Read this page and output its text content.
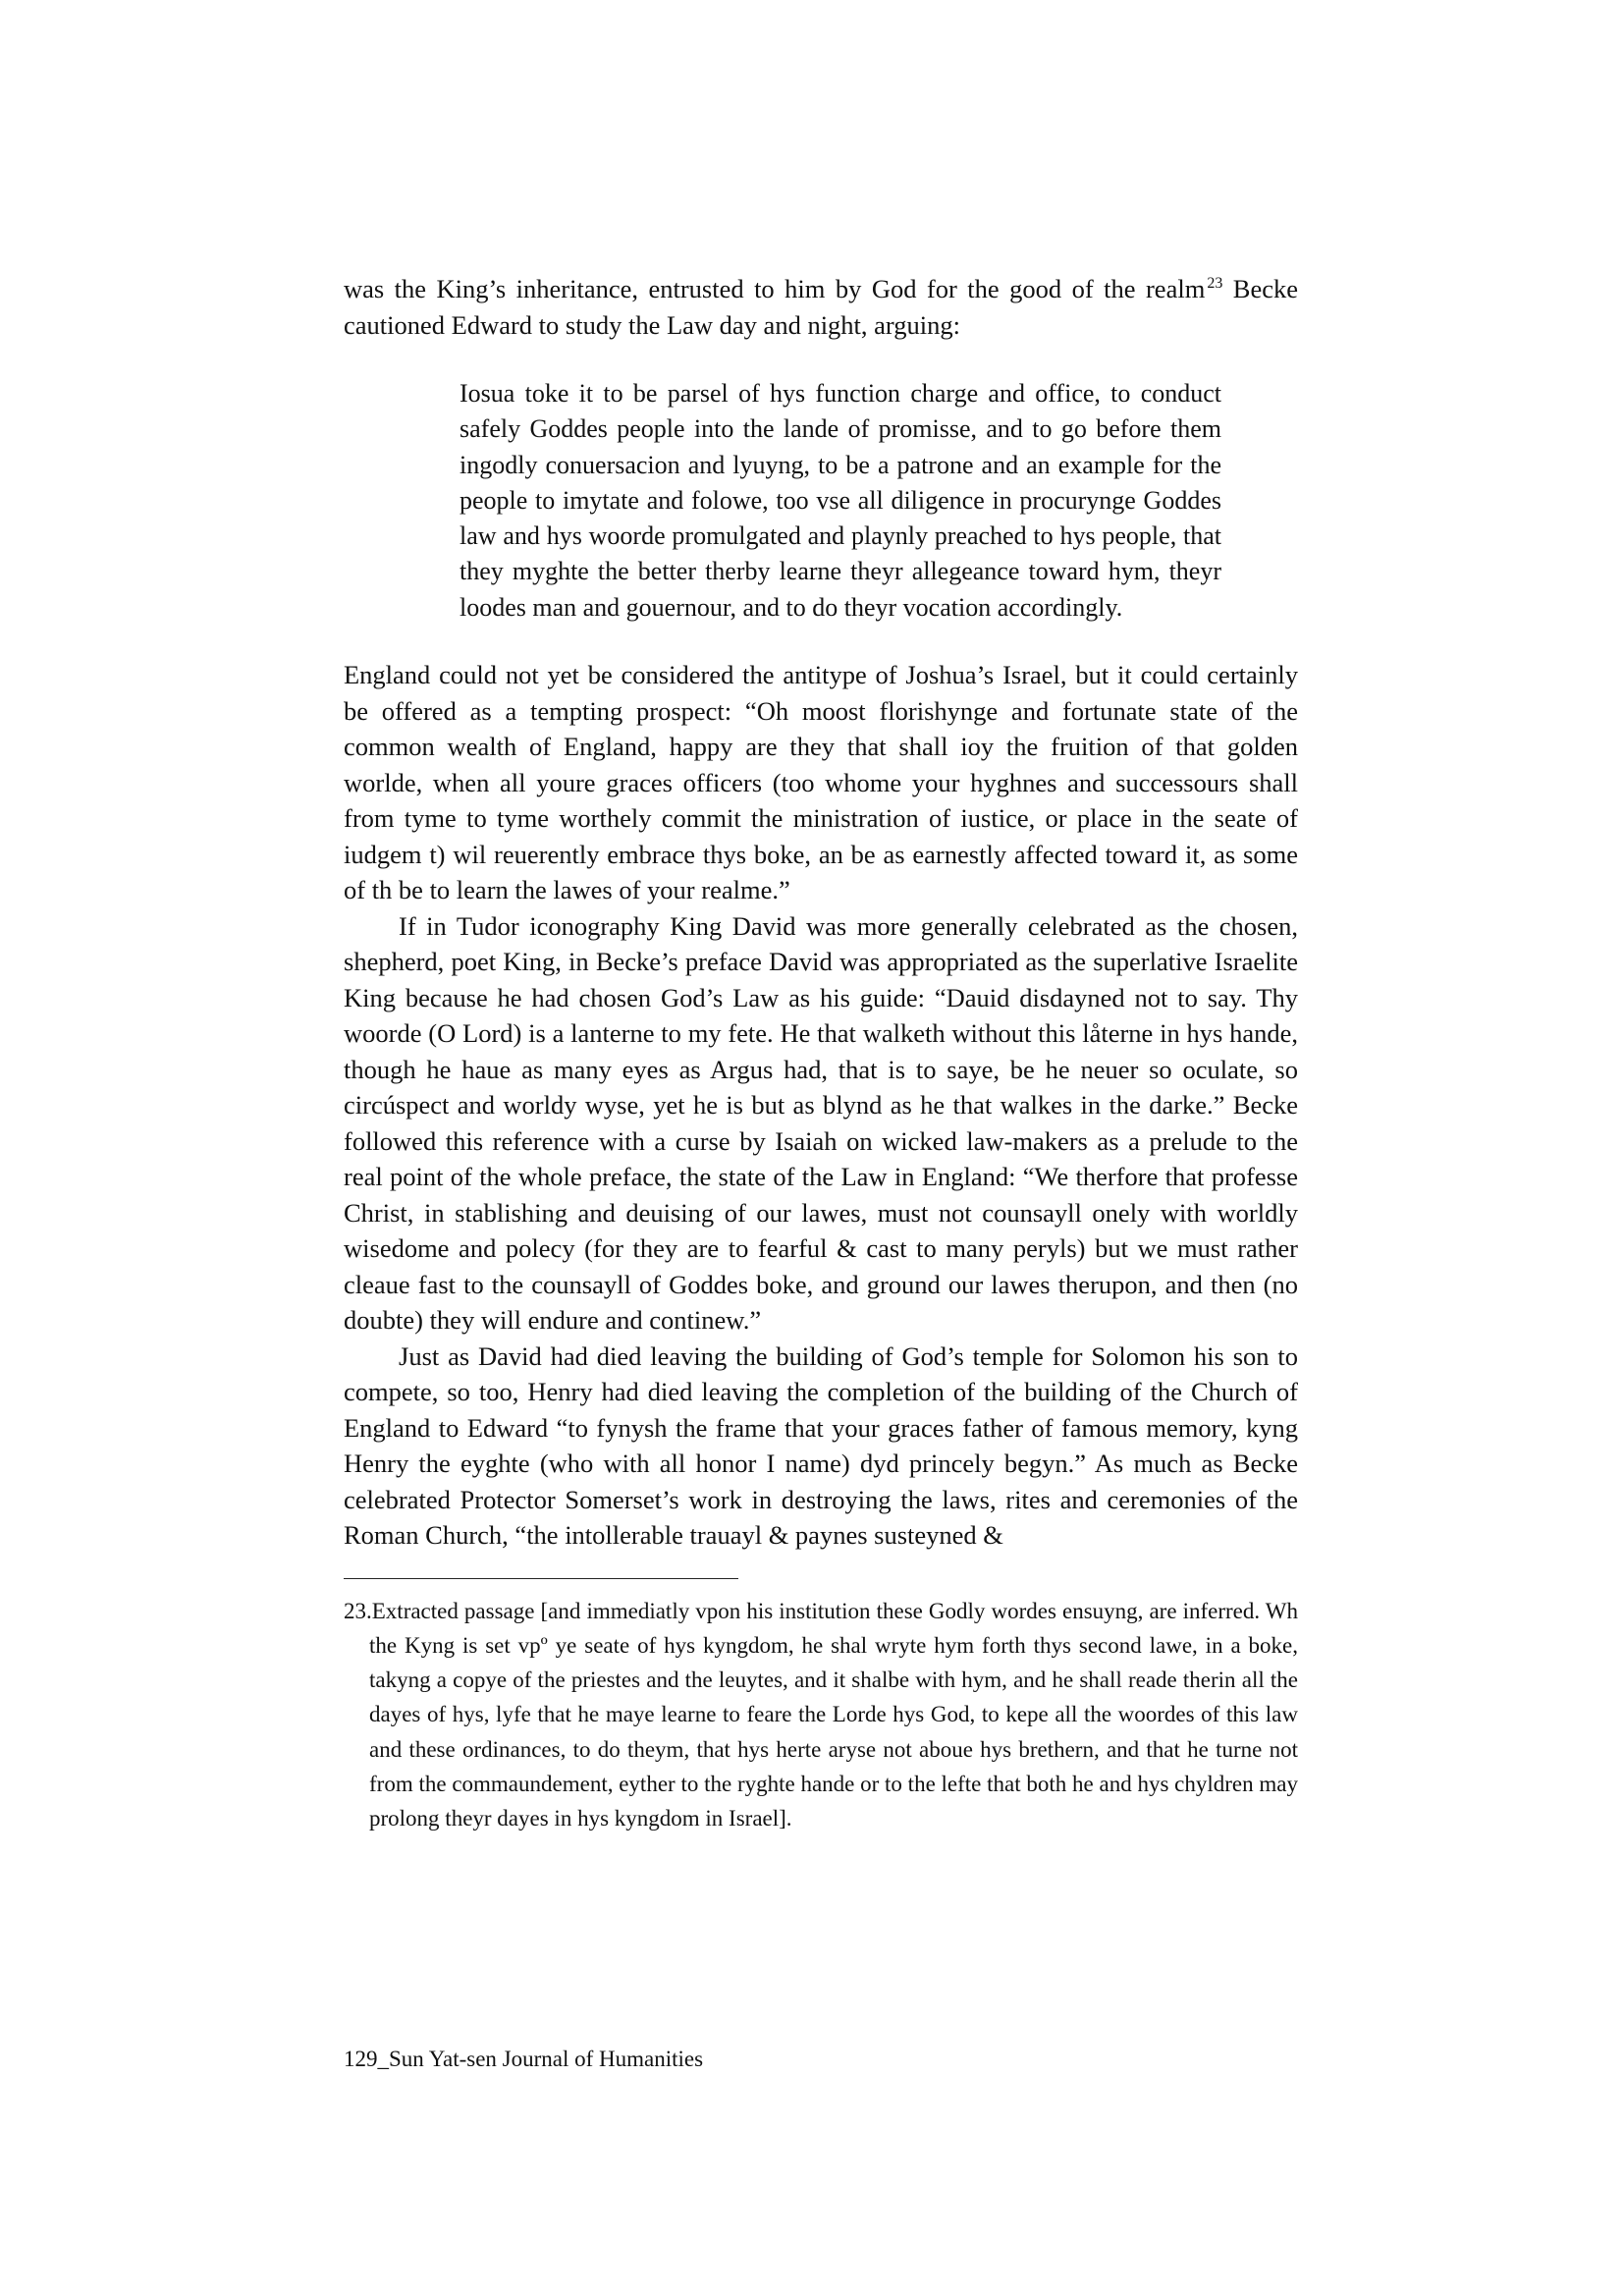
was the King’s inheritance, entrusted to him by God for the good of the realm $^{23}$ Becke cautioned Edward to study the Law day and night, arguing:

Iosua toke it to be parsel of hys function charge and office, to conduct safely Goddes people into the lande of promisse, and to go before them ingodly conuersacion and lyuyng, to be a patrone and an example for the people to imytate and folowe, too vse all diligence in procurynge Goddes law and hys woorde promulgated and playnly preached to hys people, that they myghte the better therby learne theyr allegeance toward hym, theyr loodes man and gouernour, and to do theyr vocation accordingly.

England could not yet be considered the antitype of Joshua’s Israel, but it could certainly be offered as a tempting prospect: “Oh moost florishynge and fortunate state of the common wealth of England, happy are they that shall ioy the fruition of that golden worlde, when all youre graces officers (too whome your hyghnes and successours shall from tyme to tyme worthely commit the ministration of iustice, or place in the seate of iudgem t) wil reuerently embrace thys boke, an be as earnestly affected toward it, as some of th be to learn the lawes of your realme.”

If in Tudor iconography King David was more generally celebrated as the chosen, shepherd, poet King, in Becke’s preface David was appropriated as the superlative Israelite King because he had chosen God’s Law as his guide: “Dauid disdayned not to say. Thy woorde (O Lord) is a lanterne to my fete. He that walketh without this låterne in hys hande, though he haue as many eyes as Argus had, that is to saye, be he neuer so oculate, so circúspect and worldy wyse, yet he is but as blynd as he that walkes in the darke.” Becke followed this reference with a curse by Isaiah on wicked law-makers as a prelude to the real point of the whole preface, the state of the Law in England: “We therfore that professe Christ, in stablishing and deuising of our lawes, must not counsayll onely with worldly wisedome and polecy (for they are to fearful & cast to many peryls) but we must rather cleaue fast to the counsayll of Goddes boke, and ground our lawes therupon, and then (no doubte) they will endure and continew.”

Just as David had died leaving the building of God’s temple for Solomon his son to compete, so too, Henry had died leaving the completion of the building of the Church of England to Edward “to fynysh the frame that your graces father of famous memory, kyng Henry the eyghte (who with all honor I name) dyd princely begyn.” As much as Becke celebrated Protector Somerset’s work in destroying the laws, rites and ceremonies of the Roman Church, “the intollerable trauayl & paynes susteyned &

23.Extracted passage [and immediatly vpon his institution these Godly wordes ensuyng, are inferred. Wh the Kyng is set vpº ye seate of hys kyngdom, he shal wryte hym forth thys second lawe, in a boke, takyng a copye of the priestes and the leuytes, and it shalbe with hym, and he shall reade therin all the dayes of hys, lyfe that he maye learne to feare the Lorde hys God, to kepe all the woordes of this law and these ordinances, to do theym, that hys herte aryse not aboue hys brethern, and that he turne not from the commaundement, eyther to the ryghte hande or to the lefte that both he and hys chyldren may prolong theyr dayes in hys kyngdom in Israel].

129_Sun Yat-sen Journal of Humanities
